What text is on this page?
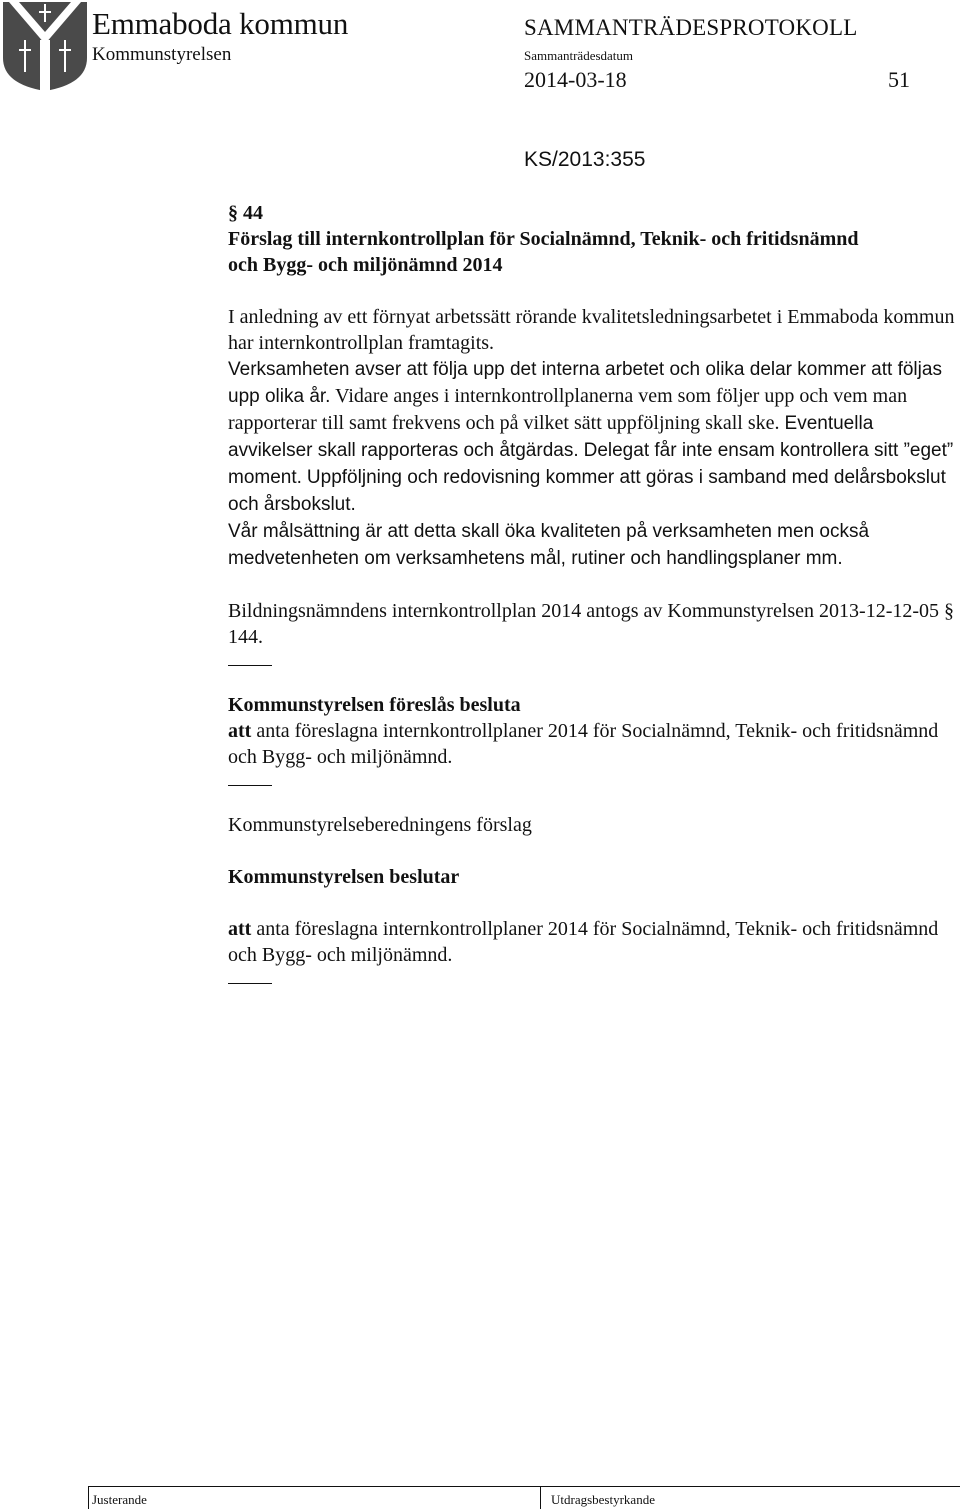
Emmaboda kommun
Kommunstyrelsen
SAMMANTRÄDESPROTOKOLL
Sammanträdesdatum
2014-03-18	51
KS/2013:355

§ 44

Förslag till internkontrollplan för Socialnämnd, Teknik- och fritidsnämnd
och Bygg- och miljönämnd 2014

I anledning av ett förnyat arbetssätt rörande kvalitetsledningsarbetet i Emmaboda kommun har internkontrollplan framtagits.
Verksamheten avser att följa upp det interna arbetet och olika delar kommer att följas upp olika år. Vidare anges i internkontrollplanerna vem som följer upp och vem man rapporterar till samt frekvens och på vilket sätt uppföljning skall ske. Eventuella avvikelser skall rapporteras och åtgärdas. Delegat får inte ensam kontrollera sitt ”eget” moment. Uppföljning och redovisning kommer att göras i samband med delårsbokslut och årsbokslut.
Vår målsättning är att detta skall öka kvaliteten på verksamheten men också medvetenheten om verksamhetens mål, rutiner och handlingsplaner mm.

Bildningsnämndens internkontrollplan 2014 antogs av Kommunstyrelsen 2013-12-12-05 § 144.

Kommunstyrelsen föreslås besluta

att anta föreslagna internkontrollplaner 2014 för Socialnämnd, Teknik- och fritidsnämnd och Bygg- och miljönämnd.

Kommunstyrelseberedningens förslag

Kommunstyrelsen beslutar

att anta föreslagna internkontrollplaner 2014 för Socialnämnd, Teknik- och fritidsnämnd och Bygg- och miljönämnd.

Justerande	Utdragsbestyrkande
